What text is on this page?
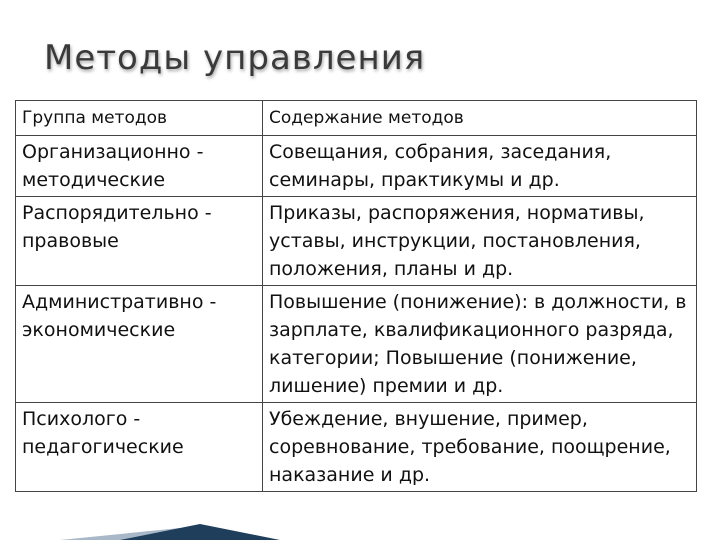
Методы управления
Группа методов	Содержание методов
Организационно - методические	Совещания, собрания, заседания, семинары, практикумы и др.
Распорядительно - правовые	Приказы, распоряжения, нормативы, уставы, инструкции, постановления, положения, планы и др.
Административно - экономические	Повышение (понижение): в должности, в зарплате, квалификационного разряда, категории; Повышение (понижение, лишение) премии и др.
Психолого - педагогические	Убеждение, внушение, пример, соревнование, требование, поощрение, наказание и др.
